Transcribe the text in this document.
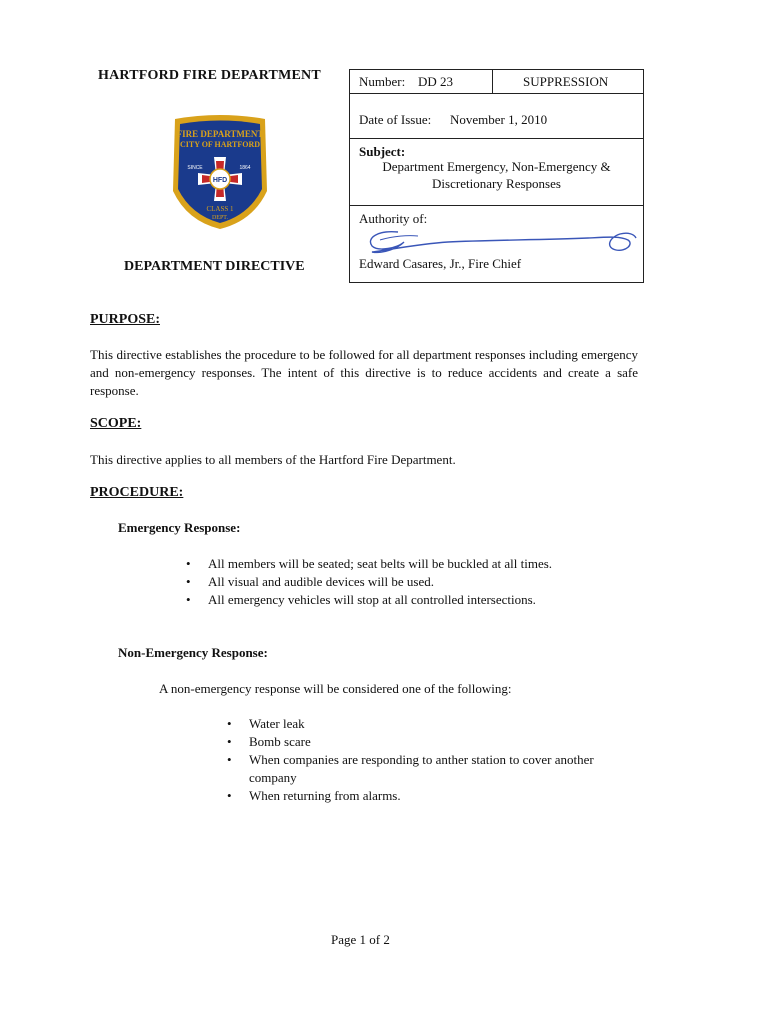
HARTFORD FIRE DEPARTMENT
FIRE DEPARTMENT
CITY OF HARTFORD
HFD
SINCE	1864
CLASS 1
DEPT.
DEPARTMENT DIRECTIVE
Number: DD 23	SUPPRESSION
Date of Issue: November 1, 2010
Subject:
Department Emergency, Non-Emergency &
Discretionary Responses
Authority of:
Edward Casares, Jr., Fire Chief
PURPOSE:
This directive establishes the procedure to be followed for all department responses including emergency and non-emergency responses. The intent of this directive is to reduce accidents and create a safe response.
SCOPE:
This directive applies to all members of the Hartford Fire Department.
PROCEDURE:
Emergency Response:
• All members will be seated; seat belts will be buckled at all times.
• All visual and audible devices will be used.
• All emergency vehicles will stop at all controlled intersections.
Non-Emergency Response:
A non-emergency response will be considered one of the following:
• Water leak
• Bomb scare
• When companies are responding to anther station to cover another company
• When returning from alarms.
Page 1 of 2
